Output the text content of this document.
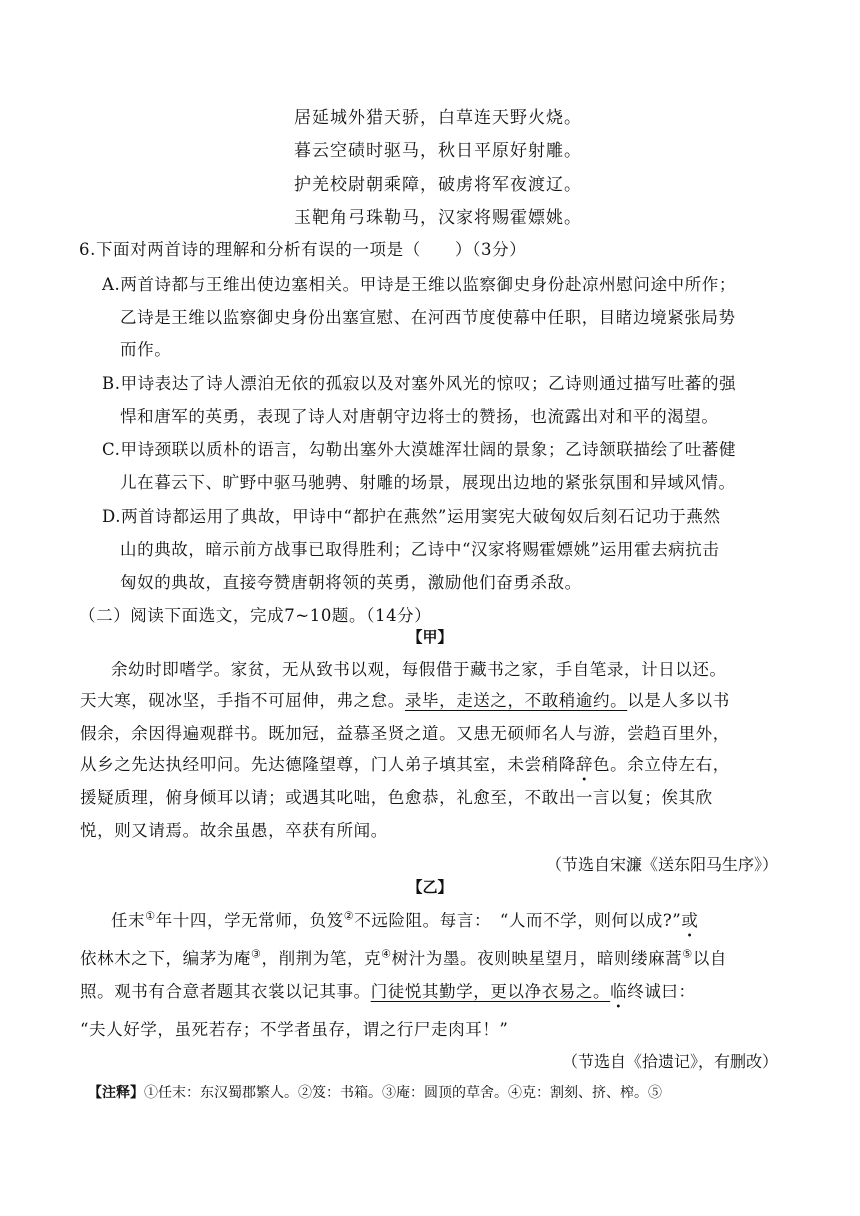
居延城外猎天骄，白草连天野火烧。
暮云空碛时驱马，秋日平原好射雕。
护羌校尉朝乘障，破虏将军夜渡辽。
玉靶角弓珠勒马，汉家将赐霍嫖姚。
6.下面对两首诗的理解和分析有误的一项是（　　）（3分）
A.两首诗都与王维出使边塞相关。甲诗是王维以监察御史身份赴凉州慰问途中所作；
乙诗是王维以监察御史身份出塞宣慰、在河西节度使幕中任职，目睹边境紧张局势
而作。
B.甲诗表达了诗人漂泊无依的孤寂以及对塞外风光的惊叹；乙诗则通过描写吐蕃的强
悍和唐军的英勇，表现了诗人对唐朝守边将士的赞扬，也流露出对和平的渴望。
C.甲诗颈联以质朴的语言，勾勒出塞外大漠雄浑壮阔的景象；乙诗颔联描绘了吐蕃健
儿在暮云下、旷野中驱马驰骋、射雕的场景，展现出边地的紧张氛围和异域风情。
D.两首诗都运用了典故，甲诗中“都护在燕然”运用窦宪大破匈奴后刻石记功于燕然
山的典故，暗示前方战事已取得胜利；乙诗中“汉家将赐霍嫖姚”运用霍去病抗击
匈奴的典故，直接夸赞唐朝将领的英勇，激励他们奋勇杀敌。
（二）阅读下面选文，完成7~10题。（14分）
【甲】
余幼时即嗜学。家贫，无从致书以观，每假借于藏书之家，手自笔录，计日以还。
天大寒，砚冰坚，手指不可屈伸，弗之怠。录毕，走送之，不敢稍逾约。以是人多以书
假余，余因得遍观群书。既加冠，益慕圣贤之道。又患无硕师名人与游，尝趋百里外，
从乡之先达执经叩问。先达德隆望尊，门人弟子填其室，未尝稍降辞色。余立侍左右，
援疑质理，俯身倾耳以请；或遇其叱咄，色愈恭，礼愈至，不敢出一言以复；俟其欣
悦，则又请焉。故余虽愚，卒获有所闻。
（节选自宋濂《送东阳马生序》）
【乙】
任末①年十四，学无常师，负笈②不远险阻。每言：　“人而不学，则何以成?”或
依林木之下，编茅为庵③，削荆为笔，克④树汁为墨。夜则映星望月，暗则缕麻蒿⑤以自
照。观书有合意者题其衣裳以记其事。门徒悦其勤学，更以净衣易之。临终诚曰：
“夫人好学，虽死若存；不学者虽存，谓之行尸走肉耳！”
（节选自《拾遗记》，有删改）
【注释】①任末：东汉蜀郡繁人。②笈：书箱。③庵：圆顶的草舍。④克：割刻、挤、榨。⑤
